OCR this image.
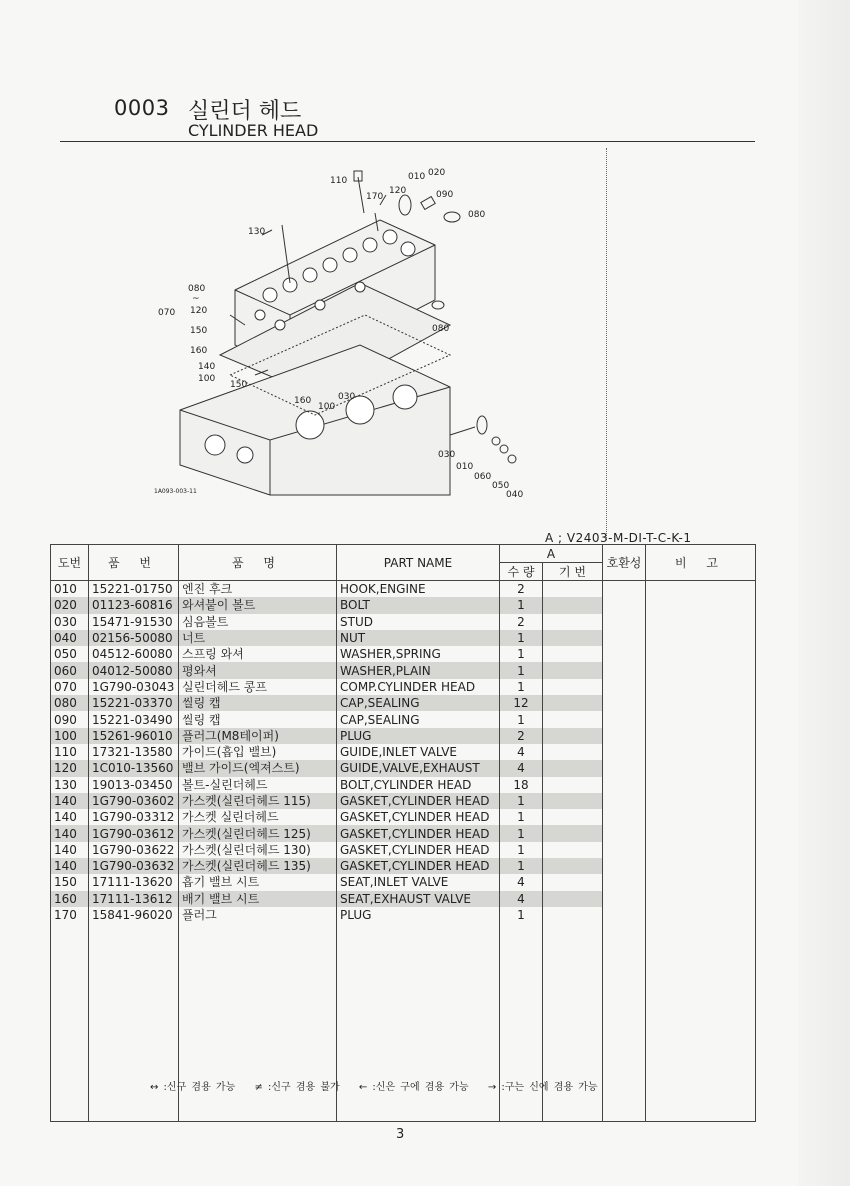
0003 실린더 헤드
CYLINDER HEAD
110	010 020
170
120	090
130
080
080
~
120
150
160
070
080
140
100
150
160
100
030
030
010
060
050
040
1A093-003-11
A ; V2403-M-DI-T-C-K-1
도번	품 번	품 명	PART NAME	A		호환성	비 고
				수 량	기 번		
010	15221-01750	엔진 후크	HOOK,ENGINE	2			
020	01123-60816	와셔붙이 볼트	BOLT	1			
030	15471-91530	심음볼트	STUD	2			
040	02156-50080	너트	NUT	1			
050	04512-60080	스프링 와셔	WASHER,SPRING	1			
060	04012-50080	평와셔	WASHER,PLAIN	1			
070	1G790-03043	실린더헤드 콩프	COMP.CYLINDER HEAD	1			
080	15221-03370	씰링 캡	CAP,SEALING	12			
090	15221-03490	씰링 캡	CAP,SEALING	1			
100	15261-96010	플러그(M8테이퍼)	PLUG	2			
110	17321-13580	가이드(흡입 밸브)	GUIDE,INLET VALVE	4			
120	1C010-13560	밸브 가이드(엑져스트)	GUIDE,VALVE,EXHAUST	4			
130	19013-03450	볼트-실린더헤드	BOLT,CYLINDER HEAD	18			
140	1G790-03602	가스켓(실린더헤드 115)	GASKET,CYLINDER HEAD	1			
140	1G790-03312	가스켓 실린더헤드	GASKET,CYLINDER HEAD	1			
140	1G790-03612	가스켓(실린더헤드 125)	GASKET,CYLINDER HEAD	1			
140	1G790-03622	가스켓(실린더헤드 130)	GASKET,CYLINDER HEAD	1			
140	1G790-03632	가스켓(실린더헤드 135)	GASKET,CYLINDER HEAD	1			
150	17111-13620	흡기 밸브 시트	SEAT,INLET VALVE	4			
160	17111-13612	배기 밸브 시트	SEAT,EXHAUST VALVE	4			
170	15841-96020	플러그	PLUG	1			

↔ :신구 겸용 가능 ≠ :신구 겸용 불가 ← :신은 구에 겸용 가능 → :구는 신에 겸용 가능
3
